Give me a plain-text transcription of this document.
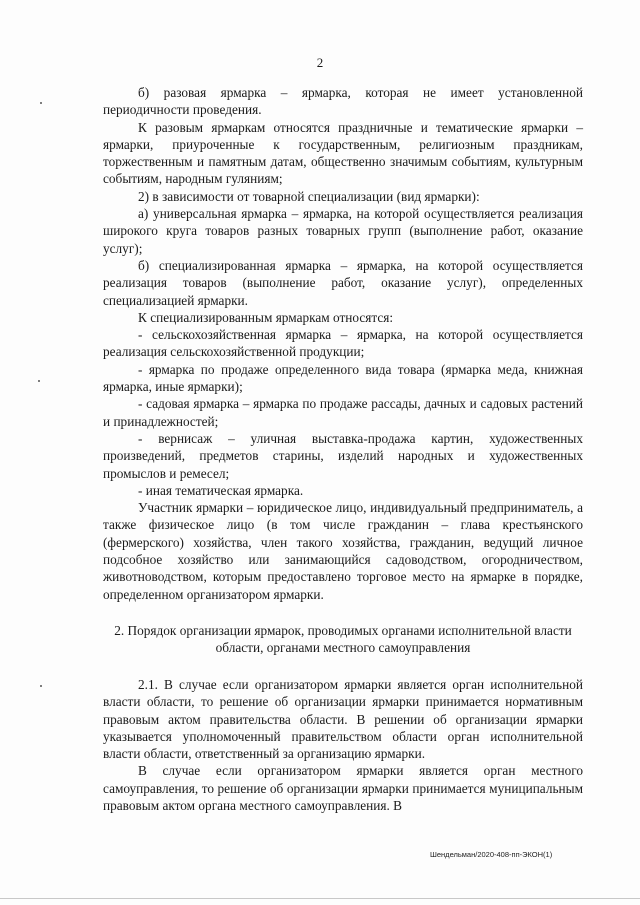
2

б) разовая ярмарка – ярмарка, которая не имеет установленной периодичности проведения.

К разовым ярмаркам относятся праздничные и тематические ярмарки – ярмарки, приуроченные к государственным, религиозным праздникам, торжественным и памятным датам, общественно значимым событиям, культурным событиям, народным гуляниям;

2) в зависимости от товарной специализации (вид ярмарки):

а) универсальная ярмарка – ярмарка, на которой осуществляется реализация широкого круга товаров разных товарных групп (выполнение работ, оказание услуг);

б) специализированная ярмарка – ярмарка, на которой осуществляется реализация товаров (выполнение работ, оказание услуг), определенных специализацией ярмарки.

К специализированным ярмаркам относятся:

- сельскохозяйственная ярмарка – ярмарка, на которой осуществляется реализация сельскохозяйственной продукции;

- ярмарка по продаже определенного вида товара (ярмарка меда, книжная ярмарка, иные ярмарки);

- садовая ярмарка – ярмарка по продаже рассады, дачных и садовых растений и принадлежностей;

- вернисаж – уличная выставка-продажа картин, художественных произведений, предметов старины, изделий народных и художественных промыслов и ремесел;

- иная тематическая ярмарка.

Участник ярмарки – юридическое лицо, индивидуальный предприниматель, а также физическое лицо (в том числе гражданин – глава крестьянского (фермерского) хозяйства, член такого хозяйства, гражданин, ведущий личное подсобное хозяйство или занимающийся садоводством, огородничеством, животноводством, которым предоставлено торговое место на ярмарке в порядке, определенном организатором ярмарки.

2. Порядок организации ярмарок, проводимых органами исполнительной власти области, органами местного самоуправления

2.1. В случае если организатором ярмарки является орган исполнительной власти области, то решение об организации ярмарки принимается нормативным правовым актом правительства области. В решении об организации ярмарки указывается уполномоченный правительством области орган исполнительной власти области, ответственный за организацию ярмарки.

В случае если организатором ярмарки является орган местного самоуправления, то решение об организации ярмарки принимается муниципальным правовым актом органа местного самоуправления. В

Шендельман/2020-408-пп-ЭКОН(1)
